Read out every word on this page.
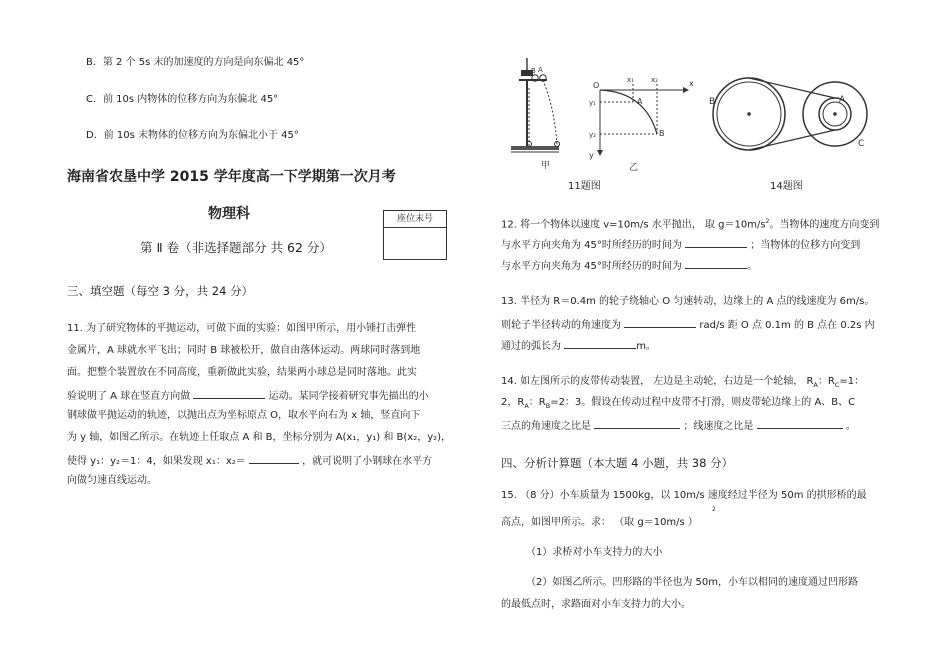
B．第 2 个 5s 末的加速度的方向是向东偏北 45°
C．前 10s 内物体的位移方向为东偏北 45°
D．前 10s 末物体的位移方向为东偏北小于 45°
海南省农垦中学 2015 学年度高一下学期第一次月考
物理科
第 Ⅱ 卷（非选择题部分 共 62 分）
座位末号
三、填空题（每空 3 分，共 24 分）
11. 为了研究物体的平抛运动，可做下面的实验：如图甲所示，用小锤打击弹性
金属片，A 球就水平飞出；同时 B 球被松开，做自由落体运动。两球同时落到地
面。把整个装置放在不同高度，重新做此实验，结果两小球总是同时落地。此实
验说明了 A 球在竖直方向做	运动。某同学接着研究事先描出的小
钢球做平抛运动的轨迹，以抛出点为坐标原点 O，取水平向右为 x 轴，竖直向下
为 y 轴，如图乙所示。在轨迹上任取点 A 和 B，坐标分别为 A(x₁，y₁) 和 B(x₂，y₂)，
使得 y₁：y₂＝1：4，如果发现 x₁：x₂＝	，就可说明了小钢球在水平方
向做匀速直线运动。
B A
甲
O	x
y
x₁ x₂
y₁
y₂
A
B
乙
11题图
B	A
C
14题图
12. 将一个物体以速度 v=10m/s 水平抛出， 取 $g=10m/s^2$。当物体的速度方向变到
与水平方向夹角为 45°时所经历的时间为	；当物体的位移方向变到
与水平方向夹角为 45°时所经历的时间为	。
13. 半径为 R＝0.4m 的轮子绕轴心 O 匀速转动，边缘上的 A 点的线速度为 6m/s。
则轮子半径转动的角速度为	rad/s 距 O 点 0.1m 的 B 点在 0.2s 内
通过的弧长为	m。
14. 如左图所示的皮带传动装置， 左边是主动轮，右边是一个轮轴， $R_A$：$R_C=1$：
2，$R_A$：$R_B=2$：3。假设在传动过程中皮带不打滑，则皮带轮边缘上的 A、B、C
三点的角速度之比是	；线速度之比是	。
四、分析计算题（本大题 4 小题，共 38 分）
15. （8 分）小车质量为 1500kg，以 10m/s 速度经过半径为 50m 的拱形桥的最
2
高点，如图甲所示。求： （取 g＝10m/s ）
（1）求桥对小车支持力的大小
（2）如图乙所示。凹形路的半径也为 50m，小车以相同的速度通过凹形路
的最低点时，求路面对小车支持力的大小。
